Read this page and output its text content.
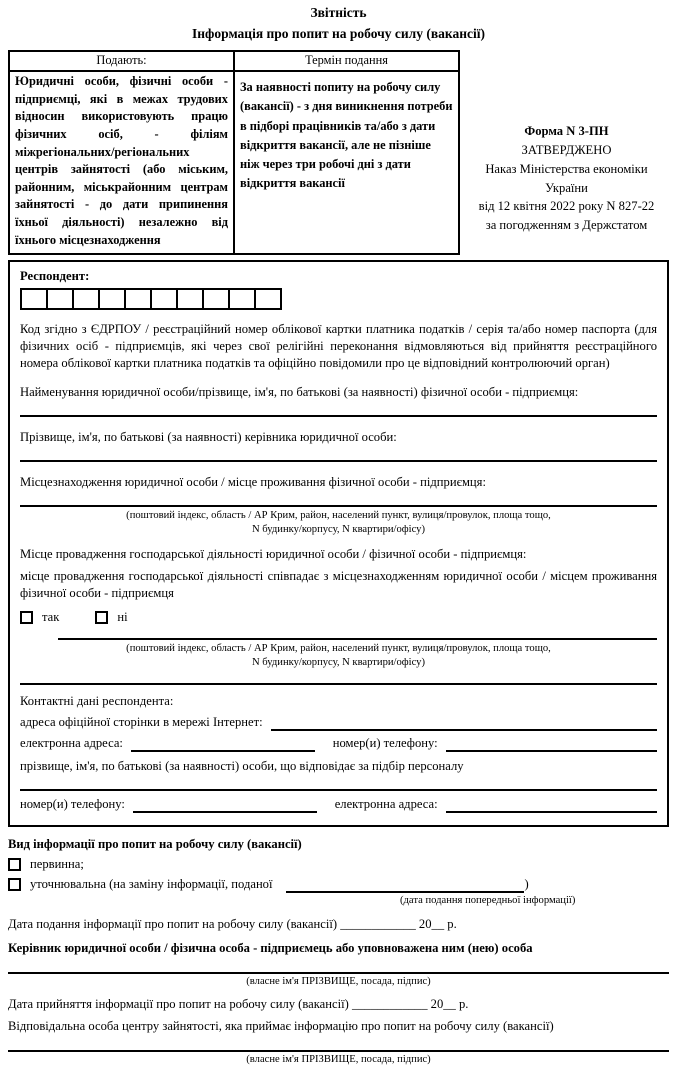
Звітність
Інформація про попит на робочу силу (вакансії)
Подають:	Термін подання
Юридичні особи, фізичні особи - підприємці, які в межах трудових відносин використовують працю фізичних осіб, - філіям міжрегіональних/регіональних центрів зайнятості (або міським, районним, міськрайонним центрам зайнятості - до дати припинення їхньої діяльності) незалежно від їхнього місцезнаходження	За наявності попиту на робочу силу (вакансії) - з дня виникнення потреби в підборі працівників та/або з дати відкриття вакансії, але не пізніше ніж через три робочі дні з дати відкриття вакансії
Форма N 3-ПН
ЗАТВЕРДЖЕНО
Наказ Міністерства економіки України
від 12 квітня 2022 року N 827-22
за погодженням з Держстатом
Респондент:
Код згідно з ЄДРПОУ / реєстраційний номер облікової картки платника податків / серія та/або номер паспорта (для фізичних осіб - підприємців, які через свої релігійні переконання відмовляються від прийняття реєстраційного номера облікової картки платника податків та офіційно повідомили про це відповідний контролюючий орган)
Найменування юридичної особи/прізвище, ім'я, по батькові (за наявності) фізичної особи - підприємця:
Прізвище, ім'я, по батькові (за наявності) керівника юридичної особи:
Місцезнаходження юридичної особи / місце проживання фізичної особи - підприємця:
(поштовий індекс, область / АР Крим, район, населений пункт, вулиця/провулок, площа тощо,
N будинку/корпусу, N квартири/офісу)
Місце провадження господарської діяльності юридичної особи / фізичної особи - підприємця:
місце провадження господарської діяльності співпадає з місцезнаходженням юридичної особи / місцем проживання фізичної особи - підприємця
так	ні
(поштовий індекс, область / АР Крим, район, населений пункт, вулиця/провулок, площа тощо,
N будинку/корпусу, N квартири/офісу)
Контактні дані респондента:
адреса офіційної сторінки в мережі Інтернет:
електронна адреса:	номер(и) телефону:
прізвище, ім'я, по батькові (за наявності) особи, що відповідає за підбір персоналу
номер(и) телефону:	електронна адреса:
Вид інформації про попит на робочу силу (вакансії)
первинна;
уточнювальна (на заміну інформації, поданої	)
(дата подання попередньої інформації)
Дата подання інформації про попит на робочу силу (вакансії) ____________ 20__ р.
Керівник юридичної особи / фізична особа - підприємець або уповноважена ним (нею) особа
(власне ім'я ПРІЗВИЩЕ, посада, підпис)
Дата прийняття інформації про попит на робочу силу (вакансії) ____________ 20__ р.
Відповідальна особа центру зайнятості, яка приймає інформацію про попит на робочу силу (вакансії)
(власне ім'я ПРІЗВИЩЕ, посада, підпис)
